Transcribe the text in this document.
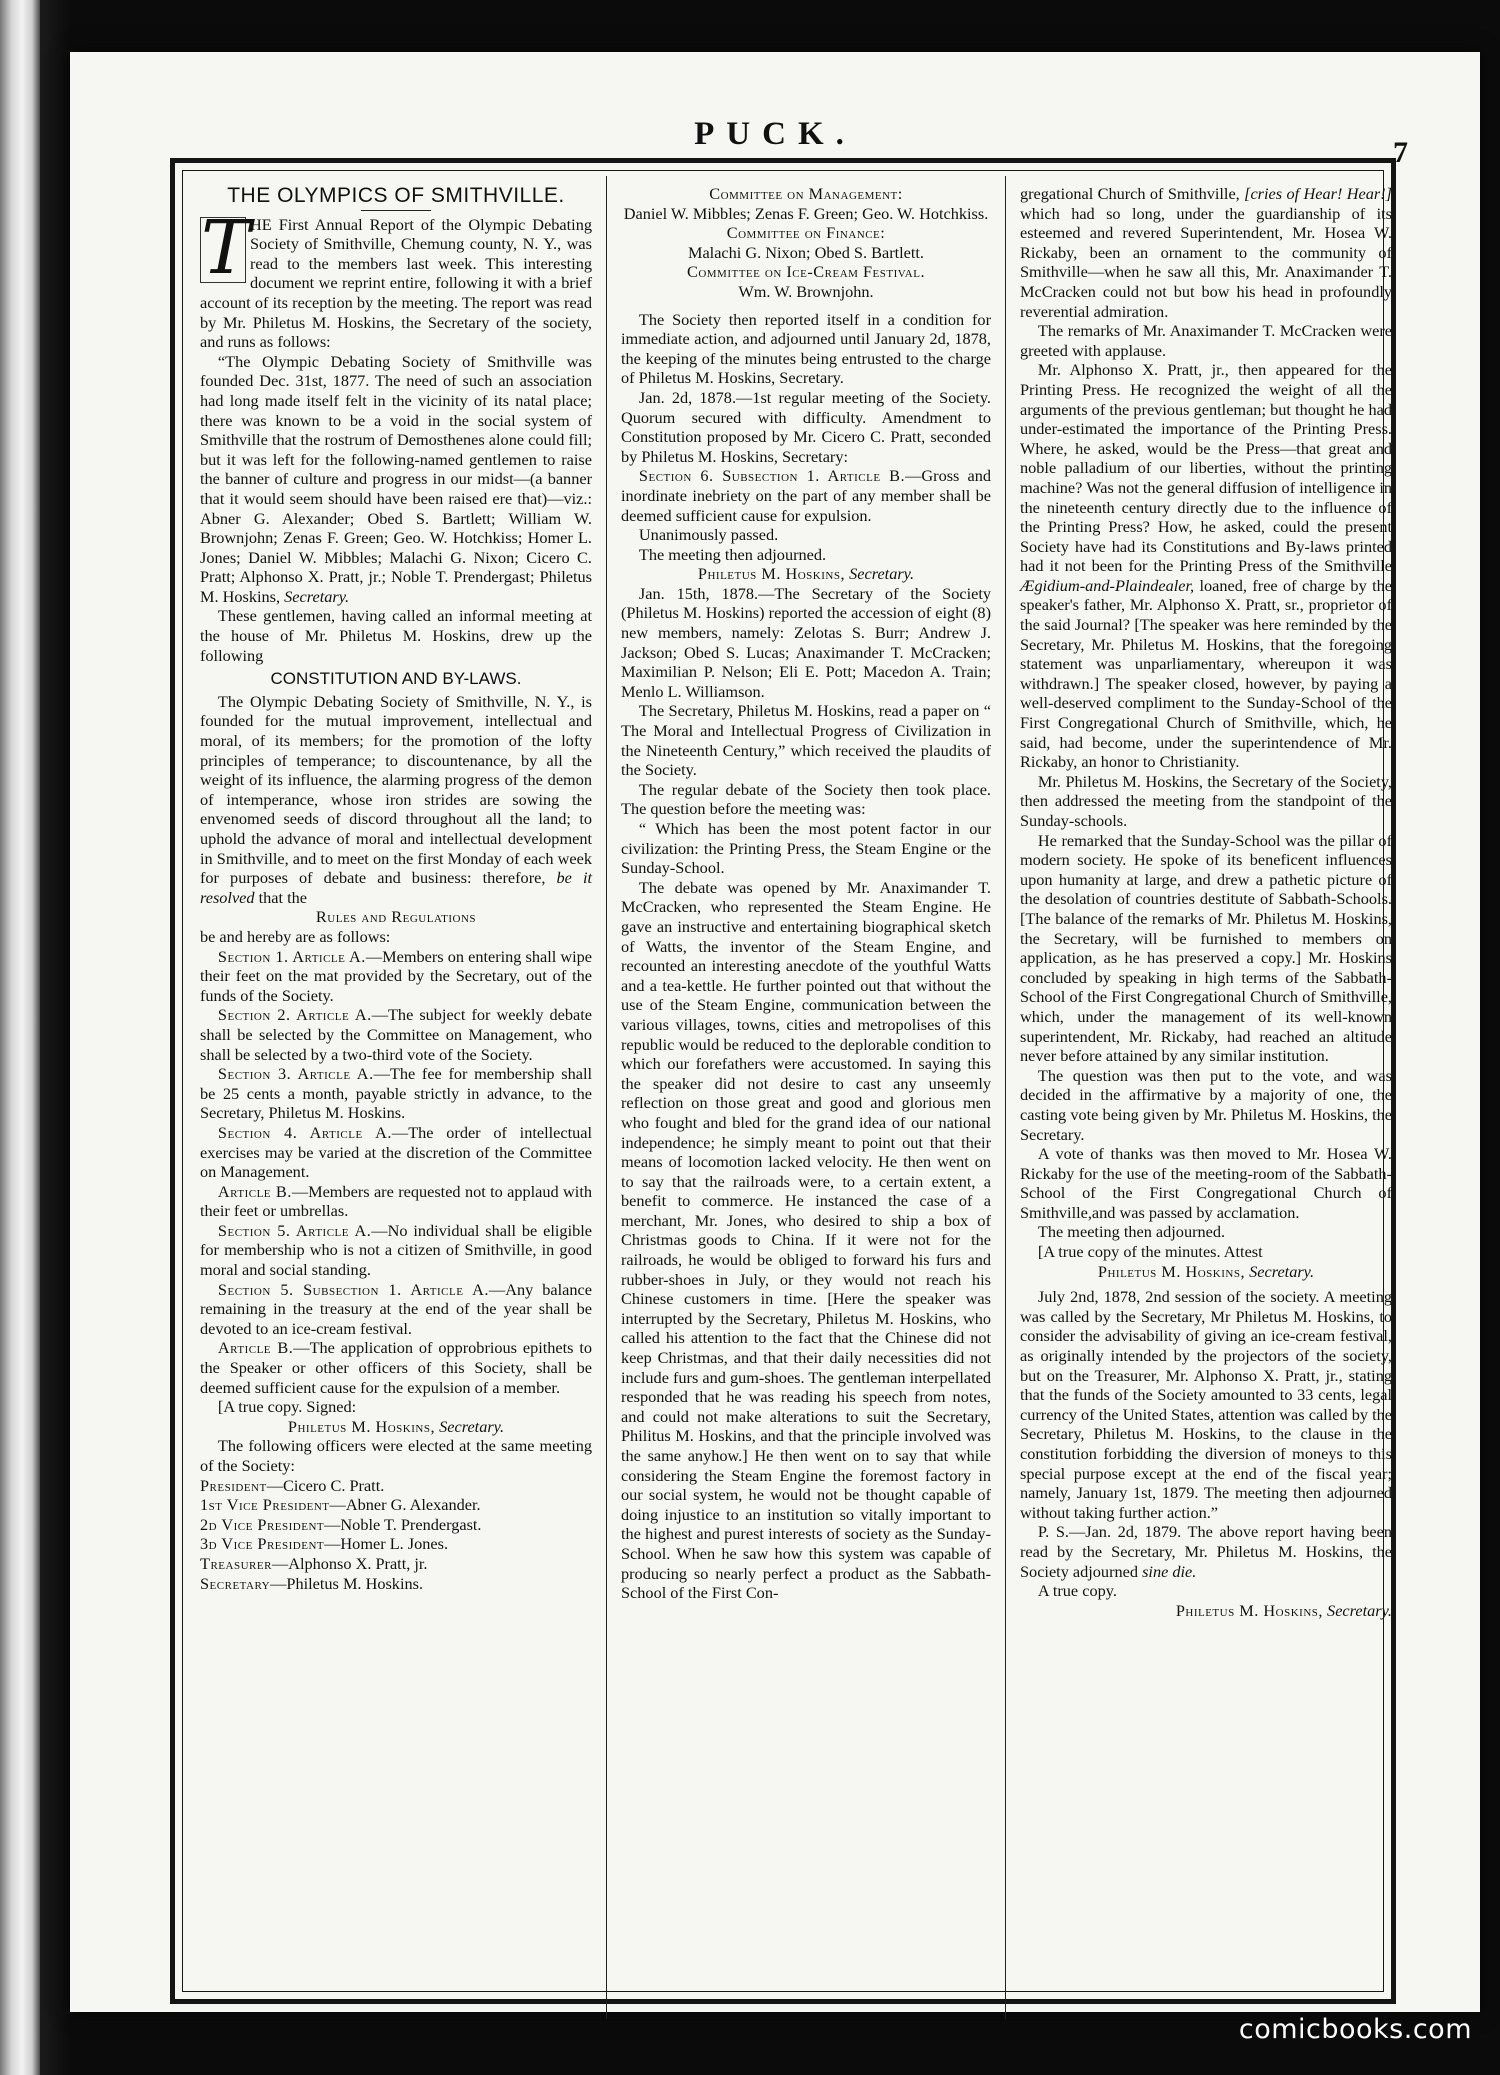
PUCK.
7
THE OLYMPICS OF SMITHVILLE.

T HE First Annual Report of the Olympic Debating Society of Smithville, Chemung county, N. Y., was read to the members last week. This interesting document we reprint entire, following it with a brief account of its reception by the meeting. The report was read by Mr. Philetus M. Hoskins, the Secretary of the society, and runs as follows:

“The Olympic Debating Society of Smithville was founded Dec. 31st, 1877. The need of such an association had long made itself felt in the vicinity of its natal place; there was known to be a void in the social system of Smithville that the rostrum of Demosthenes alone could fill; but it was left for the following-named gentlemen to raise the banner of culture and progress in our midst—(a banner that it would seem should have been raised ere that)—viz.: Abner G. Alexander; Obed S. Bartlett; William W. Brownjohn; Zenas F. Green; Geo. W. Hotchkiss; Homer L. Jones; Daniel W. Mibbles; Malachi G. Nixon; Cicero C. Pratt; Alphonso X. Pratt, jr.; Noble T. Prendergast; Philetus M. Hoskins, Secretary.

These gentlemen, having called an informal meeting at the house of Mr. Philetus M. Hoskins, drew up the following

CONSTITUTION AND BY-LAWS.

The Olympic Debating Society of Smithville, N. Y., is founded for the mutual improvement, intellectual and moral, of its members; for the promotion of the lofty principles of temperance; to discountenance, by all the weight of its influence, the alarming progress of the demon of intemperance, whose iron strides are sowing the envenomed seeds of discord throughout all the land; to uphold the advance of moral and intellectual development in Smithville, and to meet on the first Monday of each week for purposes of debate and business: therefore, be it resolved that the

Rules and Regulations

be and hereby are as follows:

Section 1. Article A.—Members on entering shall wipe their feet on the mat provided by the Secretary, out of the funds of the Society.

Section 2. Article A.—The subject for weekly debate shall be selected by the Committee on Management, who shall be selected by a two-third vote of the Society.

Section 3. Article A.—The fee for membership shall be 25 cents a month, payable strictly in advance, to the Secretary, Philetus M. Hoskins.

Section 4. Article A.—The order of intellectual exercises may be varied at the discretion of the Committee on Management.

Article B.—Members are requested not to applaud with their feet or umbrellas.

Section 5. Article A.—No individual shall be eligible for membership who is not a citizen of Smithville, in good moral and social standing.

Section 5. Subsection 1. Article A.—Any balance remaining in the treasury at the end of the year shall be devoted to an ice-cream festival.

Article B.—The application of opprobrious epithets to the Speaker or other officers of this Society, shall be deemed sufficient cause for the expulsion of a member.

[A true copy. Signed:

Philetus M. Hoskins, Secretary.

The following officers were elected at the same meeting of the Society:

President—Cicero C. Pratt.

1st Vice President—Abner G. Alexander.

2d Vice President—Noble T. Prendergast.

3d Vice President—Homer L. Jones.

Treasurer—Alphonso X. Pratt, jr.

Secretary—Philetus M. Hoskins.

Committee on Management:

Daniel W. Mibbles; Zenas F. Green; Geo. W. Hotchkiss.

Committee on Finance:

Malachi G. Nixon; Obed S. Bartlett.

Committee on Ice-Cream Festival.

Wm. W. Brownjohn.

The Society then reported itself in a condition for immediate action, and adjourned until January 2d, 1878, the keeping of the minutes being entrusted to the charge of Philetus M. Hoskins, Secretary.

Jan. 2d, 1878.—1st regular meeting of the Society. Quorum secured with difficulty. Amendment to Constitution proposed by Mr. Cicero C. Pratt, seconded by Philetus M. Hoskins, Secretary:

Section 6. Subsection 1. Article B.—Gross and inordinate inebriety on the part of any member shall be deemed sufficient cause for expulsion.

Unanimously passed.

The meeting then adjourned.

Philetus M. Hoskins, Secretary.

Jan. 15th, 1878.—The Secretary of the Society (Philetus M. Hoskins) reported the accession of eight (8) new members, namely: Zelotas S. Burr; Andrew J. Jackson; Obed S. Lucas; Anaximander T. McCracken; Maximilian P. Nelson; Eli E. Pott; Macedon A. Train; Menlo L. Williamson.

The Secretary, Philetus M. Hoskins, read a paper on “ The Moral and Intellectual Progress of Civilization in the Nineteenth Century,” which received the plaudits of the Society.

The regular debate of the Society then took place. The question before the meeting was:

“ Which has been the most potent factor in our civilization: the Printing Press, the Steam Engine or the Sunday-School.

The debate was opened by Mr. Anaximander T. McCracken, who represented the Steam Engine. He gave an instructive and entertaining biographical sketch of Watts, the inventor of the Steam Engine, and recounted an interesting anecdote of the youthful Watts and a tea-kettle. He further pointed out that without the use of the Steam Engine, communication between the various villages, towns, cities and metropolises of this republic would be reduced to the deplorable condition to which our forefathers were accustomed. In saying this the speaker did not desire to cast any unseemly reflection on those great and good and glorious men who fought and bled for the grand idea of our national independence; he simply meant to point out that their means of locomotion lacked velocity. He then went on to say that the railroads were, to a certain extent, a benefit to commerce. He instanced the case of a merchant, Mr. Jones, who desired to ship a box of Christmas goods to China. If it were not for the railroads, he would be obliged to forward his furs and rubber-shoes in July, or they would not reach his Chinese customers in time. [Here the speaker was interrupted by the Secretary, Philetus M. Hoskins, who called his attention to the fact that the Chinese did not keep Christmas, and that their daily necessities did not include furs and gum-shoes. The gentleman interpellated responded that he was reading his speech from notes, and could not make alterations to suit the Secretary, Philitus M. Hoskins, and that the principle involved was the same anyhow.] He then went on to say that while considering the Steam Engine the foremost factory in our social system, he would not be thought capable of doing injustice to an institution so vitally important to the highest and purest interests of society as the Sunday-School. When he saw how this system was capable of producing so nearly perfect a product as the Sabbath-School of the First Con-

gregational Church of Smithville, [cries of Hear! Hear!] which had so long, under the guardianship of its esteemed and revered Superintendent, Mr. Hosea W. Rickaby, been an ornament to the community of Smithville—when he saw all this, Mr. Anaximander T. McCracken could not but bow his head in profoundly reverential admiration.

The remarks of Mr. Anaximander T. McCracken were greeted with applause.

Mr. Alphonso X. Pratt, jr., then appeared for the Printing Press. He recognized the weight of all the arguments of the previous gentleman; but thought he had under-estimated the importance of the Printing Press. Where, he asked, would be the Press—that great and noble palladium of our liberties, without the printing machine? Was not the general diffusion of intelligence in the nineteenth century directly due to the influence of the Printing Press? How, he asked, could the present Society have had its Constitutions and By-laws printed had it not been for the Printing Press of the Smithville Ægidium-and-Plaindealer, loaned, free of charge by the speaker's father, Mr. Alphonso X. Pratt, sr., proprietor of the said Journal? [The speaker was here reminded by the Secretary, Mr. Philetus M. Hoskins, that the foregoing statement was unparliamentary, whereupon it was withdrawn.] The speaker closed, however, by paying a well-deserved compliment to the Sunday-School of the First Congregational Church of Smithville, which, he said, had become, under the superintendence of Mr. Rickaby, an honor to Christianity.

Mr. Philetus M. Hoskins, the Secretary of the Society, then addressed the meeting from the standpoint of the Sunday-schools.

He remarked that the Sunday-School was the pillar of modern society. He spoke of its beneficent influences upon humanity at large, and drew a pathetic picture of the desolation of countries destitute of Sabbath-Schools. [The balance of the remarks of Mr. Philetus M. Hoskins, the Secretary, will be furnished to members on application, as he has preserved a copy.] Mr. Hoskins concluded by speaking in high terms of the Sabbath-School of the First Congregational Church of Smithville, which, under the management of its well-known superintendent, Mr. Rickaby, had reached an altitude never before attained by any similar institution.

The question was then put to the vote, and was decided in the affirmative by a majority of one, the casting vote being given by Mr. Philetus M. Hoskins, the Secretary.

A vote of thanks was then moved to Mr. Hosea W. Rickaby for the use of the meeting-room of the Sabbath-School of the First Congregational Church of Smithville,and was passed by acclamation.

The meeting then adjourned.

[A true copy of the minutes. Attest

Philetus M. Hoskins, Secretary.

July 2nd, 1878, 2nd session of the society. A meeting was called by the Secretary, Mr Philetus M. Hoskins, to consider the advisability of giving an ice-cream festival, as originally intended by the projectors of the society, but on the Treasurer, Mr. Alphonso X. Pratt, jr., stating that the funds of the Society amounted to 33 cents, legal currency of the United States, attention was called by the Secretary, Philetus M. Hoskins, to the clause in the constitution forbidding the diversion of moneys to this special purpose except at the end of the fiscal year; namely, January 1st, 1879. The meeting then adjourned without taking further action.”

P. S.—Jan. 2d, 1879. The above report having been read by the Secretary, Mr. Philetus M. Hoskins, the Society adjourned sine die.

A true copy.

Philetus M. Hoskins, Secretary.

comicbooks.com
